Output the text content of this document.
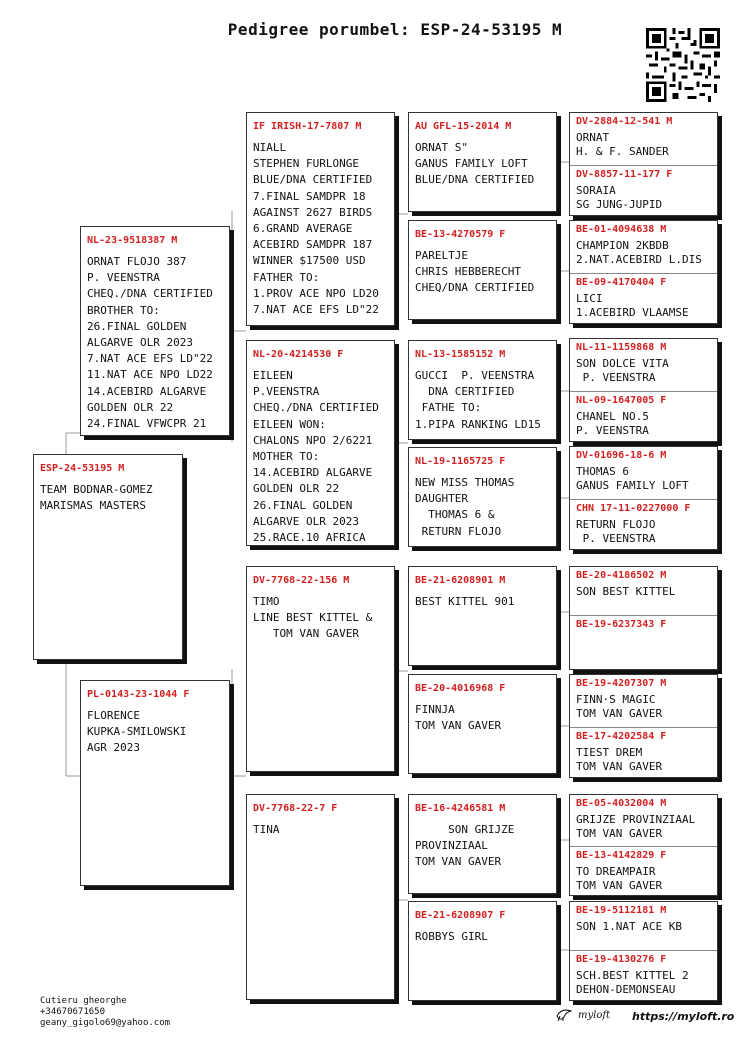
Pedigree porumbel: ESP-24-53195 M
ESP-24-53195 M
TEAM BODNAR-GOMEZ
MARISMAS MASTERS
NL-23-9518387 M
ORNAT FLOJO 387
P. VEENSTRA
CHEQ./DNA CERTIFIED
BROTHER TO:
26.FINAL GOLDEN
ALGARVE OLR 2023
7.NAT ACE EFS LD"22
11.NAT ACE NPO LD22
14.ACEBIRD ALGARVE
GOLDEN OLR 22
24.FINAL VFWCPR 21
PL-0143-23-1044 F
FLORENCE
KUPKA-SMILOWSKI
AGR 2023
IF IRISH-17-7807 M
NIALL
STEPHEN FURLONGE
BLUE/DNA CERTIFIED
7.FINAL SAMDPR 18
AGAINST 2627 BIRDS
6.GRAND AVERAGE
ACEBIRD SAMDPR 187
WINNER $17500 USD
FATHER TO:
1.PROV ACE NPO LD20
7.NAT ACE EFS LD"22
NL-20-4214530 F
EILEEN
P.VEENSTRA
CHEQ./DNA CERTIFIED
EILEEN WON:
CHALONS NPO 2/6221
MOTHER TO:
14.ACEBIRD ALGARVE
GOLDEN OLR 22
26.FINAL GOLDEN
ALGARVE OLR 2023
25.RACE.10 AFRICA
DV-7768-22-156 M
TIMO
LINE BEST KITTEL &
TOM VAN GAVER
DV-7768-22-7 F
TINA
AU GFL-15-2014 M
ORNAT S"
GANUS FAMILY LOFT
BLUE/DNA CERTIFIED
BE-13-4270579 F
PARELTJE
CHRIS HEBBERECHT
CHEQ/DNA CERTIFIED
NL-13-1585152 M
GUCCI  P. VEENSTRA
DNA CERTIFIED
FATHE TO:
1.PIPA RANKING LD15
NL-19-1165725 F
NEW MISS THOMAS
DAUGHTER
THOMAS 6 &
RETURN FLOJO
BE-21-6208901 M
BEST KITTEL 901
BE-20-4016968 F
FINNJA
TOM VAN GAVER
BE-16-4246581 M
SON GRIJZE
PROVINZIAAL
TOM VAN GAVER
BE-21-6208907 F
ROBBYS GIRL
DV-2884-12-541 M
ORNAT
H. & F. SANDER
DV-8857-11-177 F
SORAIA
SG JUNG-JUPID
BE-01-4094638 M
CHAMPION 2KBDB
2.NAT.ACEBIRD L.DIS
BE-09-4170404 F
LICI
1.ACEBIRD VLAAMSE
NL-11-1159868 M
SON DOLCE VITA
P. VEENSTRA
NL-09-1647005 F
CHANEL NO.5
P. VEENSTRA
DV-01696-18-6 M
THOMAS 6
GANUS FAMILY LOFT
CHN 17-11-0227000 F
RETURN FLOJO
P. VEENSTRA
BE-20-4186502 M
SON BEST KITTEL
BE-19-6237343 F
BE-19-4207307 M
FINN·S MAGIC
TOM VAN GAVER
BE-17-4202584 F
TIEST DREM
TOM VAN GAVER
BE-05-4032004 M
GRIJZE PROVINZIAAL
TOM VAN GAVER
BE-13-4142829 F
TO DREAMPAIR
TOM VAN GAVER
BE-19-5112181 M
SON 1.NAT ACE KB
BE-19-4130276 F
SCH.BEST KITTEL 2
DEHON-DEMONSEAU
Cutieru gheorghe
+34670671650
geany_gigolo69@yahoo.com
myloft https://myloft.ro
